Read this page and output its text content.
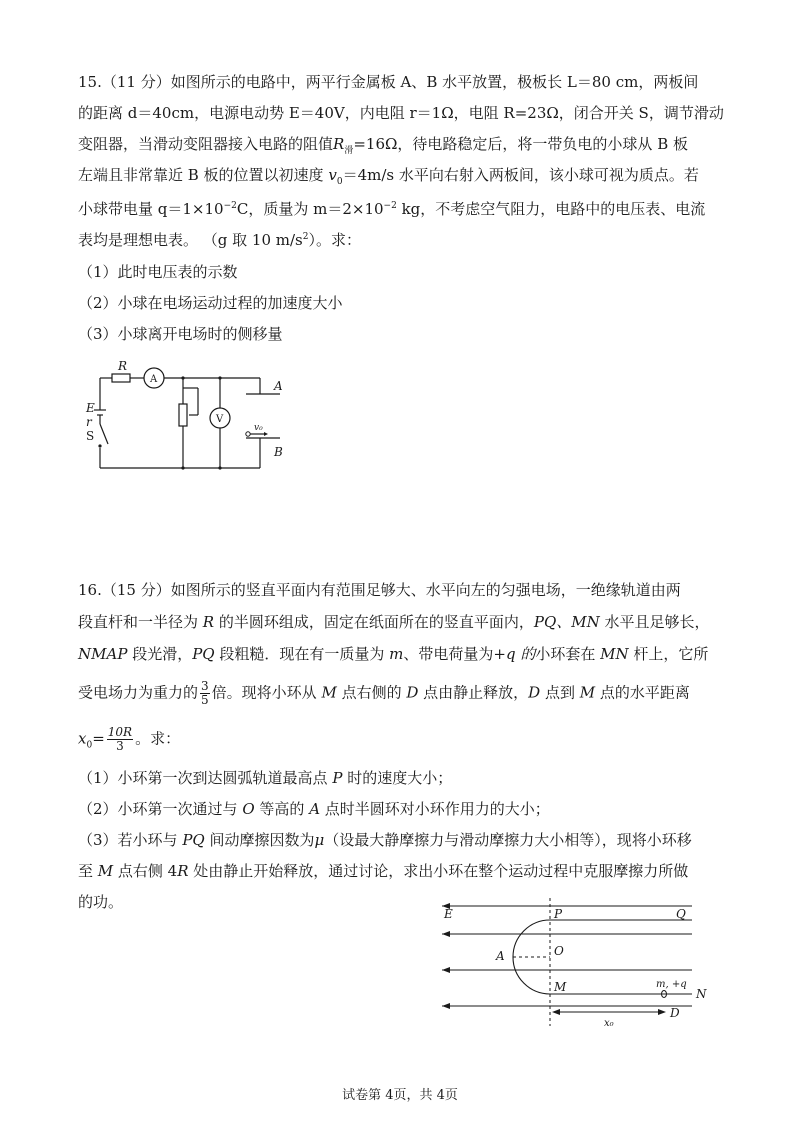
15.（11 分）如图所示的电路中，两平行金属板 A、B 水平放置，极板长 L＝80 cm，两板间
的距离 d＝40cm，电源电动势 E＝40V，内电阻 r＝1Ω，电阻 R=23Ω，闭合开关 S，调节滑动
变阻器，当滑动变阻器接入电路的阻值$R_滑=16\Omega$，待电路稳定后，将一带负电的小球从 B 板
左端且非常靠近 B 板的位置以初速度 $v_0=4m/s$ 水平向右射入两板间，该小球可视为质点。若
小球带电量 $q=1\times 10^{-2}C$，质量为 $m=2\times 10^{-2}$ kg，不考虑空气阻力，电路中的电压表、电流
表均是理想电表。 （g 取 10 $m/s^2$）。求：
（1）此时电压表的示数
（2）小球在电场运动过程的加速度大小
（3）小球离开电场时的侧移量
R
A
V
E
r
S
A
B
v₀
16.（15 分）如图所示的竖直平面内有范围足够大、水平向左的匀强电场，一绝缘轨道由两
段直杆和一半径为 R 的半圆环组成，固定在纸面所在的竖直平面内，PQ、MN 水平且足够长，
NMAP 段光滑，PQ 段粗糙．现在有一质量为 m、带电荷量为+q 的小环套在 MN 杆上，它所
受电场力为重力的 $\frac{3}{5}$ 倍。现将小环从 M 点右侧的 D 点由静止释放，D 点到 M 点的水平距离
$x_0= \frac{10R}{3}$ 。求：
（1）小环第一次到达圆弧轨道最高点 P 时的速度大小；
（2）小环第一次通过与 O 等高的 A 点时半圆环对小环作用力的大小；
（3）若小环与 PQ 间动摩擦因数为μ（设最大静摩擦力与滑动摩擦力大小相等），现将小环移
至 M 点右侧 4R 处由静止开始释放，通过讨论，求出小环在整个运动过程中克服摩擦力所做
的功。
E	P	Q
A	O
M	N
D
m, +q
x₀
试卷第 4页，共 4页
